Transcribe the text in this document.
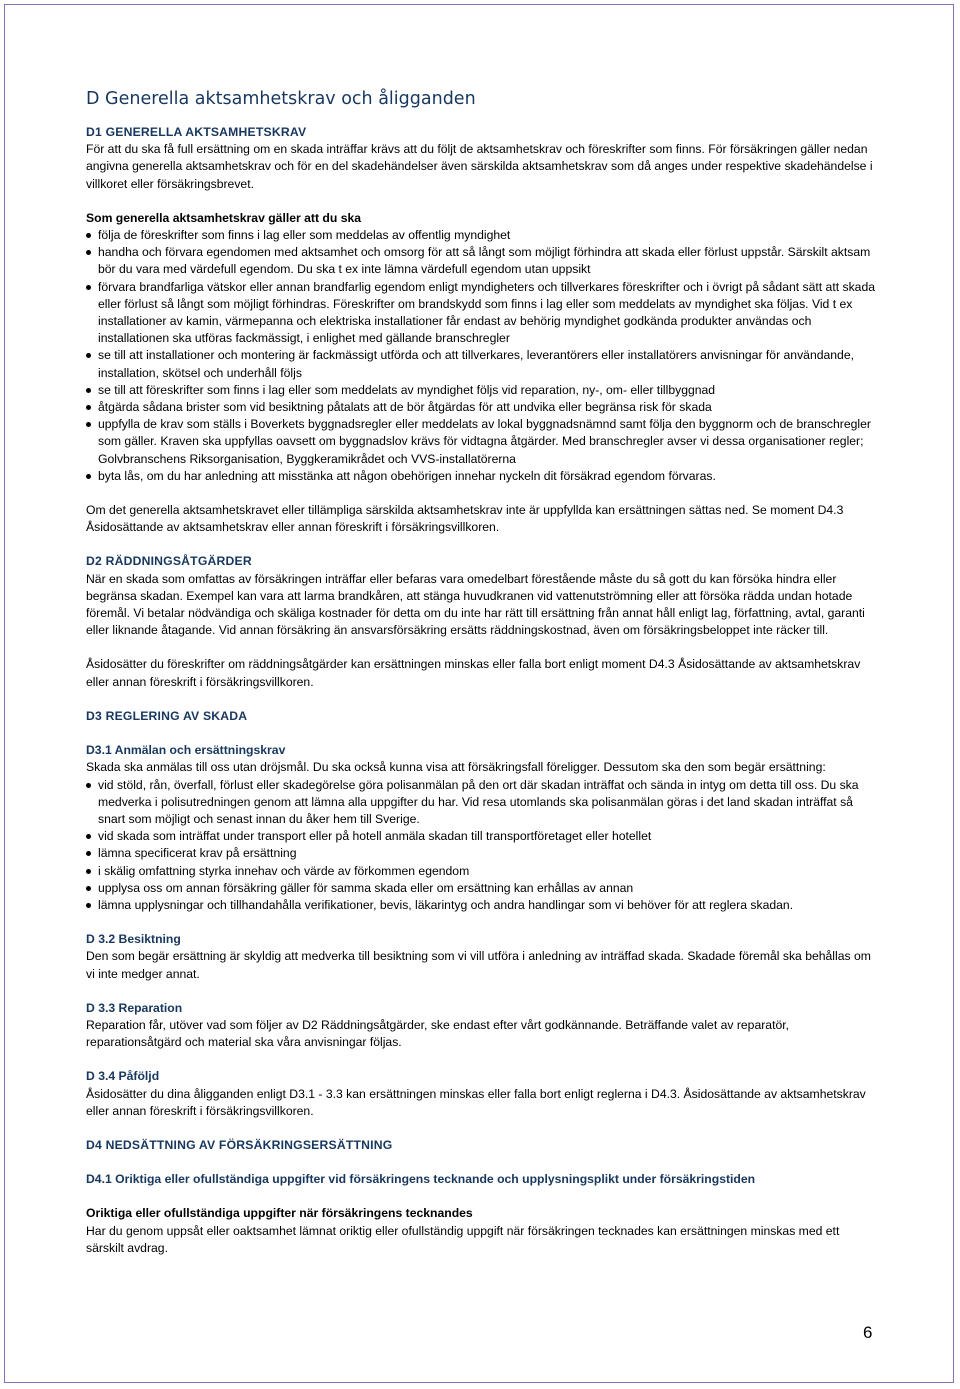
D Generella aktsamhetskrav och åligganden

D1 GENERELLA AKTSAMHETSKRAV

För att du ska få full ersättning om en skada inträffar krävs att du följt de aktsamhetskrav och föreskrifter som finns. För försäkringen gäller nedan angivna generella aktsamhetskrav och för en del skadehändelser även särskilda aktsamhetskrav som då anges under respektive skadehändelse i villkoret eller försäkringsbrevet.

Som generella aktsamhetskrav gäller att du ska

följa de föreskrifter som finns i lag eller som meddelas av offentlig myndighet
handha och förvara egendomen med aktsamhet och omsorg för att så långt som möjligt förhindra att skada eller förlust uppstår. Särskilt aktsam bör du vara med värdefull egendom. Du ska t ex inte lämna värdefull egendom utan uppsikt
förvara brandfarliga vätskor eller annan brandfarlig egendom enligt myndigheters och tillverkares föreskrifter och i övrigt på sådant sätt att skada eller förlust så långt som möjligt förhindras. Föreskrifter om brandskydd som finns i lag eller som meddelats av myndighet ska följas. Vid t ex installationer av kamin, värmepanna och elektriska installationer får endast av behörig myndighet godkända produkter användas och installationen ska utföras fackmässigt, i enlighet med gällande branschregler
se till att installationer och montering är fackmässigt utförda och att tillverkares, leverantörers eller installatörers anvisningar för användande, installation, skötsel och underhåll följs
se till att föreskrifter som finns i lag eller som meddelats av myndighet följs vid reparation, ny-, om- eller tillbyggnad
åtgärda sådana brister som vid besiktning påtalats att de bör åtgärdas för att undvika eller begränsa risk för skada
uppfylla de krav som ställs i Boverkets byggnadsregler eller meddelats av lokal byggnadsnämnd samt följa den byggnorm och de branschregler som gäller. Kraven ska uppfyllas oavsett om byggnadslov krävs för vidtagna åtgärder. Med branschregler avser vi dessa organisationer regler; Golvbranschens Riksorganisation, Byggkeramikrådet och VVS-installatörerna
byta lås, om du har anledning att misstänka att någon obehörigen innehar nyckeln dit försäkrad egendom förvaras.

Om det generella aktsamhetskravet eller tillämpliga särskilda aktsamhetskrav inte är uppfyllda kan ersättningen sättas ned. Se moment D4.3 Åsidosättande av aktsamhetskrav eller annan föreskrift i försäkringsvillkoren.

D2 RÄDDNINGSÅTGÄRDER

När en skada som omfattas av försäkringen inträffar eller befaras vara omedelbart förestående måste du så gott du kan försöka hindra eller begränsa skadan. Exempel kan vara att larma brandkåren, att stänga huvudkranen vid vattenutströmning eller att försöka rädda undan hotade föremål. Vi betalar nödvändiga och skäliga kostnader för detta om du inte har rätt till ersättning från annat håll enligt lag, författning, avtal, garanti eller liknande åtagande. Vid annan försäkring än ansvarsförsäkring ersätts räddningskostnad, även om försäkringsbeloppet inte räcker till.

Åsidosätter du föreskrifter om räddningsåtgärder kan ersättningen minskas eller falla bort enligt moment D4.3 Åsidosättande av aktsamhetskrav eller annan föreskrift i försäkringsvillkoren.

D3 REGLERING AV SKADA

D3.1 Anmälan och ersättningskrav

Skada ska anmälas till oss utan dröjsmål. Du ska också kunna visa att försäkringsfall föreligger. Dessutom ska den som begär ersättning:

vid stöld, rån, överfall, förlust eller skadegörelse göra polisanmälan på den ort där skadan inträffat och sända in intyg om detta till oss. Du ska medverka i polisutredningen genom att lämna alla uppgifter du har. Vid resa utomlands ska polisanmälan göras i det land skadan inträffat så snart som möjligt och senast innan du åker hem till Sverige.
vid skada som inträffat under transport eller på hotell anmäla skadan till transportföretaget eller hotellet
lämna specificerat krav på ersättning
i skälig omfattning styrka innehav och värde av förkommen egendom
upplysa oss om annan försäkring gäller för samma skada eller om ersättning kan erhållas av annan
lämna upplysningar och tillhandahålla verifikationer, bevis, läkarintyg och andra handlingar som vi behöver för att reglera skadan.

D 3.2 Besiktning

Den som begär ersättning är skyldig att medverka till besiktning som vi vill utföra i anledning av inträffad skada. Skadade föremål ska behållas om vi inte medger annat.

D 3.3 Reparation

Reparation får, utöver vad som följer av D2 Räddningsåtgärder, ske endast efter vårt godkännande. Beträffande valet av reparatör, reparationsåtgärd och material ska våra anvisningar följas.

D 3.4 Påföljd

Åsidosätter du dina åligganden enligt D3.1 - 3.3 kan ersättningen minskas eller falla bort enligt reglerna i D4.3. Åsidosättande av aktsamhetskrav eller annan föreskrift i försäkringsvillkoren.

D4 NEDSÄTTNING AV FÖRSÄKRINGSERSÄTTNING

D4.1 Oriktiga eller ofullständiga uppgifter vid försäkringens tecknande och upplysningsplikt under försäkringstiden

Oriktiga eller ofullständiga uppgifter när försäkringens tecknandes

Har du genom uppsåt eller oaktsamhet lämnat oriktig eller ofullständig uppgift när försäkringen tecknades kan ersättningen minskas med ett särskilt avdrag.

6
